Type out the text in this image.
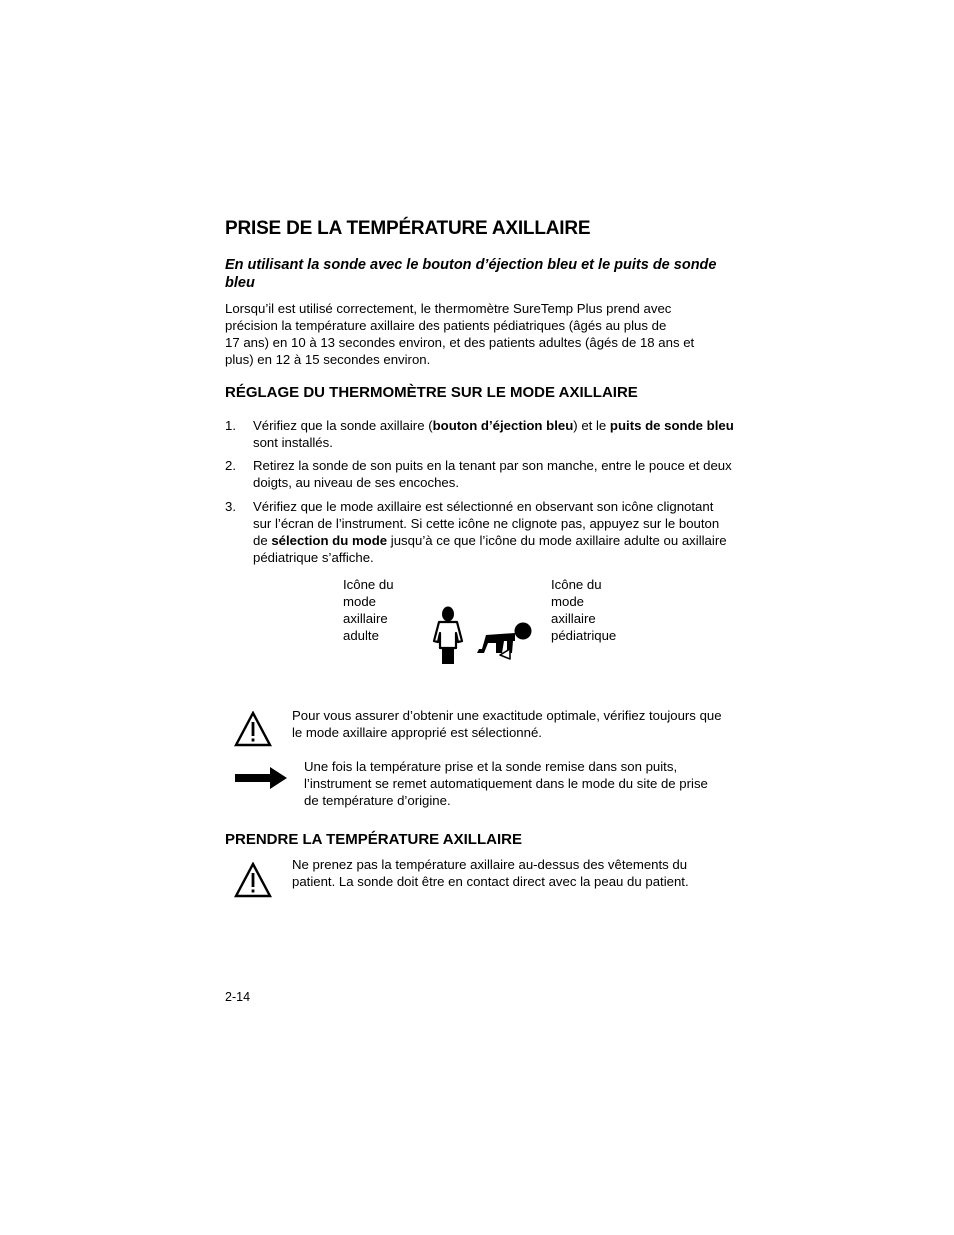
PRISE DE LA TEMPÉRATURE AXILLAIRE
En utilisant la sonde avec le bouton d’éjection bleu et le puits de sonde bleu
Lorsqu’il est utilisé correctement, le thermomètre SureTemp Plus prend avec
précision la température axillaire des patients pédiatriques (âgés au plus de
17 ans) en 10 à 13 secondes environ, et des patients adultes (âgés de 18 ans et
plus) en 12 à 15 secondes environ.
RÉGLAGE DU THERMOMÈTRE SUR LE MODE AXILLAIRE
1. Vérifiez que la sonde axillaire (bouton d’éjection bleu) et le puits de sonde bleu sont installés.
2. Retirez la sonde de son puits en la tenant par son manche, entre le pouce et deux doigts, au niveau de ses encoches.
3. Vérifiez que le mode axillaire est sélectionné en observant son icône clignotant sur l’écran de l’instrument. Si cette icône ne clignote pas, appuyez sur le bouton de sélection du mode jusqu’à ce que l’icône du mode axillaire adulte ou axillaire pédiatrique s’affiche.
Icône du
mode
axillaire
adulte
Icône du
mode
axillaire
pédiatrique
Pour vous assurer d’obtenir une exactitude optimale, vérifiez toujours que le mode axillaire approprié est sélectionné.
Une fois la température prise et la sonde remise dans son puits, l’instrument se remet automatiquement dans le mode du site de prise de température d’origine.
PRENDRE LA TEMPÉRATURE AXILLAIRE
Ne prenez pas la température axillaire au-dessus des vêtements du patient. La sonde doit être en contact direct avec la peau du patient.
2-14
